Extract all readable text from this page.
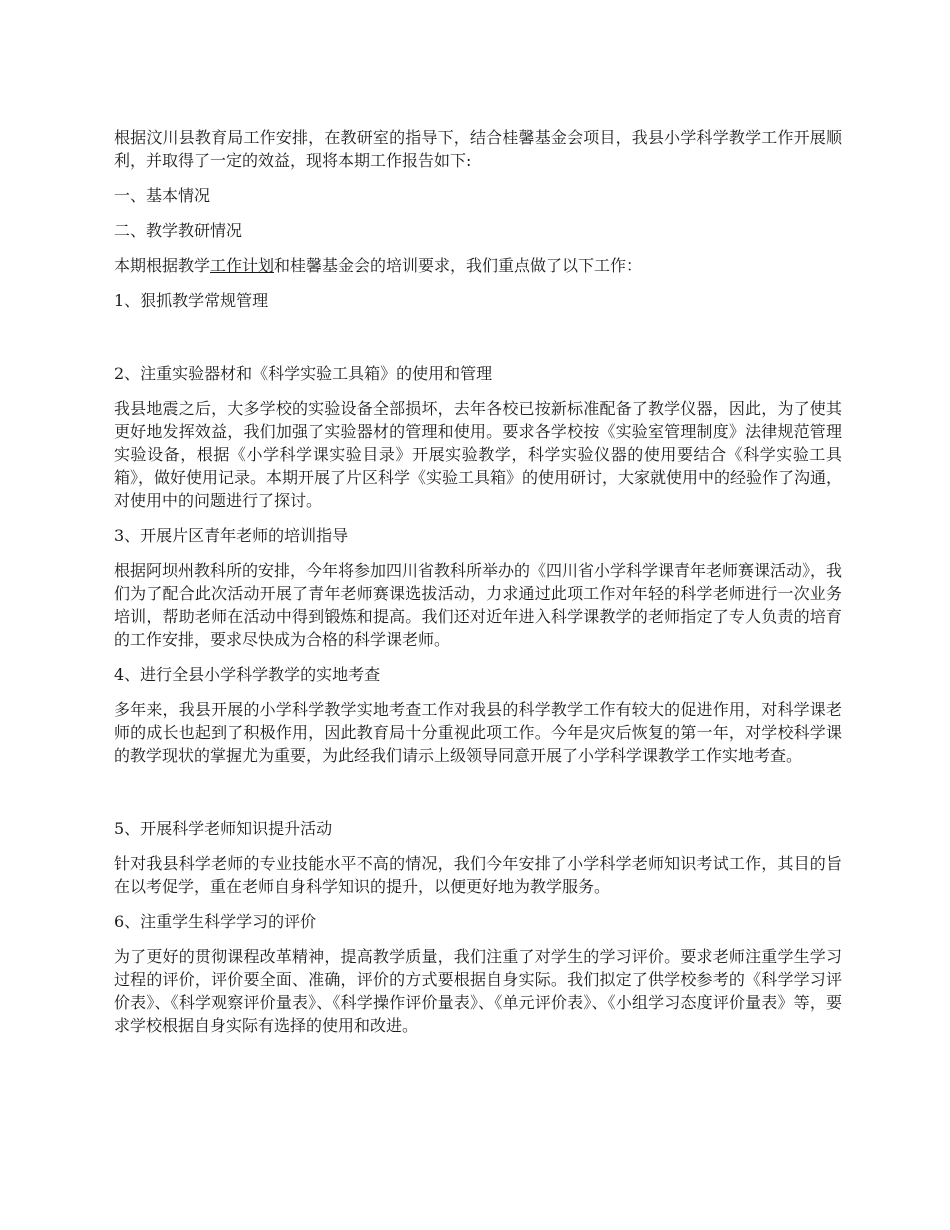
根据汶川县教育局工作安排，在教研室的指导下，结合桂馨基金会项目，我县小学科学教学工作开展顺利，并取得了一定的效益，现将本期工作报告如下:

一、基本情况

二、教学教研情况

本期根据教学工作计划和桂馨基金会的培训要求，我们重点做了以下工作：

1、狠抓教学常规管理

2、注重实验器材和《科学实验工具箱》的使用和管理

我县地震之后，大多学校的实验设备全部损坏，去年各校已按新标准配备了教学仪器，因此，为了使其更好地发挥效益，我们加强了实验器材的管理和使用。要求各学校按《实验室管理制度》法律规范管理实验设备，根据《小学科学课实验目录》开展实验教学，科学实验仪器的使用要结合《科学实验工具箱》，做好使用记录。本期开展了片区科学《实验工具箱》的使用研讨，大家就使用中的经验作了沟通，对使用中的问题进行了探讨。

3、开展片区青年老师的培训指导

根据阿坝州教科所的安排，今年将参加四川省教科所举办的《四川省小学科学课青年老师赛课活动》，我们为了配合此次活动开展了青年老师赛课选拔活动，力求通过此项工作对年轻的科学老师进行一次业务培训，帮助老师在活动中得到锻炼和提高。我们还对近年进入科学课教学的老师指定了专人负责的培育的工作安排，要求尽快成为合格的科学课老师。

4、进行全县小学科学教学的实地考查

多年来，我县开展的小学科学教学实地考查工作对我县的科学教学工作有较大的促进作用，对科学课老师的成长也起到了积极作用，因此教育局十分重视此项工作。今年是灾后恢复的第一年，对学校科学课的教学现状的掌握尤为重要，为此经我们请示上级领导同意开展了小学科学课教学工作实地考查。

5、开展科学老师知识提升活动

针对我县科学老师的专业技能水平不高的情况，我们今年安排了小学科学老师知识考试工作，其目的旨在以考促学，重在老师自身科学知识的提升，以便更好地为教学服务。

6、注重学生科学学习的评价

为了更好的贯彻课程改革精神，提高教学质量，我们注重了对学生的学习评价。要求老师注重学生学习过程的评价，评价要全面、准确，评价的方式要根据自身实际。我们拟定了供学校参考的《科学学习评价表》、《科学观察评价量表》、《科学操作评价量表》、《单元评价表》、《小组学习态度评价量表》等，要求学校根据自身实际有选择的使用和改进。
